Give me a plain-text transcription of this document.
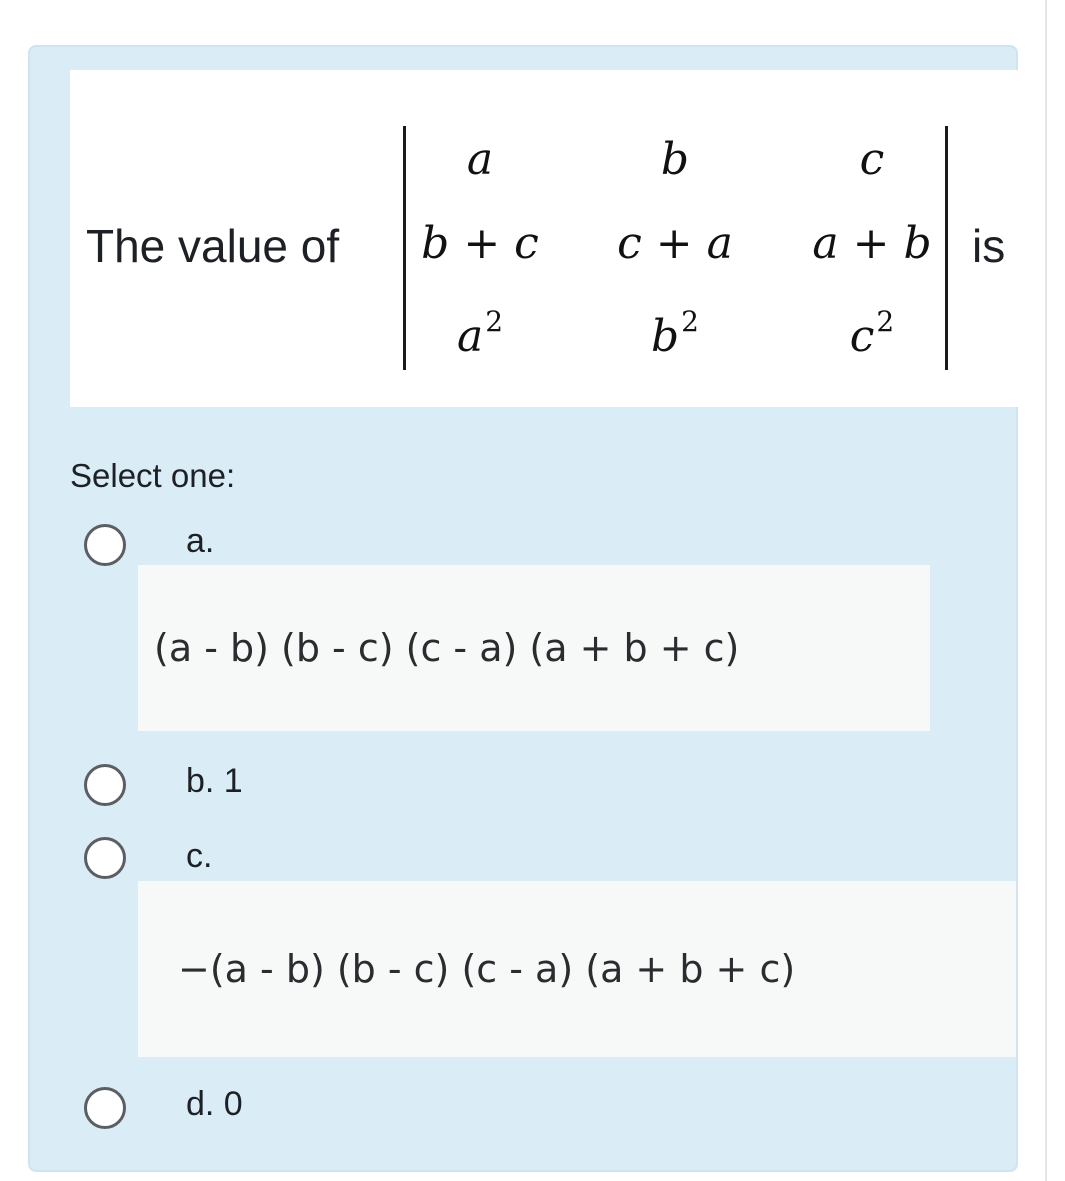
The value of
a	b	c
b + c	c + a	a + b
$a^2$	$b^2$	$c^2$
is
Select one:
a.
(a - b) (b - c) (c - a) (a + b + c)
b. 1
c.
−(a - b) (b - c) (c - a) (a + b + c)
d. 0
